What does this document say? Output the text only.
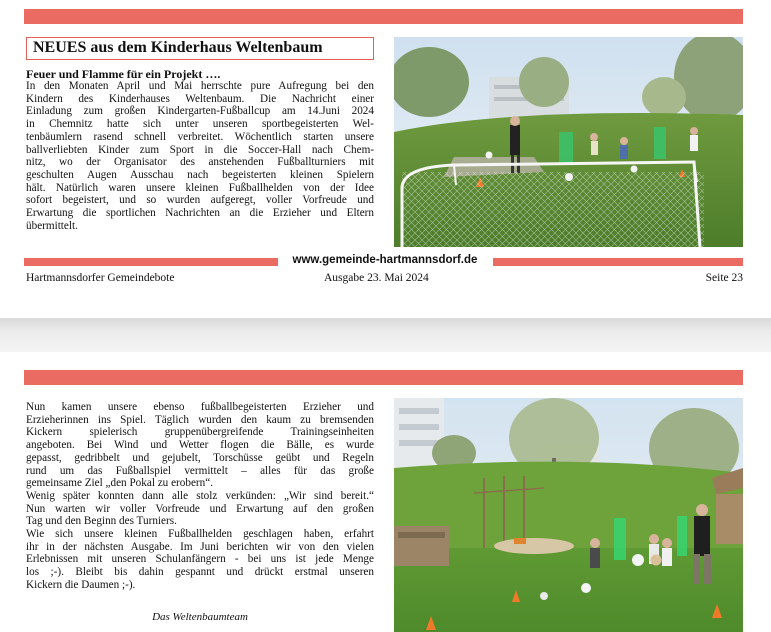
NEUES aus dem Kinderhaus Weltenbaum
Feuer und Flamme für ein Projekt ….
In den Monaten April und Mai herrschte pure Aufregung bei den
Kindern des Kinderhauses Weltenbaum. Die Nachricht einer
Einladung zum großen Kindergarten-Fußballcup am 14.Juni 2024
in Chemnitz hatte sich unter unseren sportbegeisterten Wel-
tenbäumlern rasend schnell verbreitet. Wöchentlich starten unsere
ballverliebten Kinder zum Sport in die Soccer-Hall nach Chem-
nitz, wo der Organisator des anstehenden Fußballturniers mit
geschulten Augen Ausschau nach begeisterten kleinen Spielern
hält. Natürlich waren unsere kleinen Fußballhelden von der Idee
sofort begeistert, und so wurden aufgeregt, voller Vorfreude und
Erwartung die sportlichen Nachrichten an die Erzieher und Eltern
übermittelt.
www.gemeinde-hartmannsdorf.de
Hartmannsdorfer Gemeindebote	Ausgabe 23. Mai 2024	Seite 23
Nun kamen unsere ebenso fußballbegeisterten Erzieher und
Erzieherinnen ins Spiel. Täglich wurden den kaum zu bremsenden
Kickern spielerisch gruppenübergreifende Trainingseinheiten
angeboten. Bei Wind und Wetter flogen die Bälle, es wurde
gepasst, gedribbelt und gejubelt, Torschüsse geübt und Regeln
rund um das Fußballspiel vermittelt – alles für das große
gemeinsame Ziel „den Pokal zu erobern“.
Wenig später konnten dann alle stolz verkünden: „Wir sind bereit.“
Nun warten wir voller Vorfreude und Erwartung auf den großen
Tag und den Beginn des Turniers.
Wie sich unsere kleinen Fußballhelden geschlagen haben, erfahrt
ihr in der nächsten Ausgabe. Im Juni berichten wir von den vielen
Erlebnissen mit unseren Schulanfängern - bei uns ist jede Menge
los ;-). Bleibt bis dahin gespannt und drückt erstmal unseren
Kickern die Daumen ;-).
Das Weltenbaumteam
